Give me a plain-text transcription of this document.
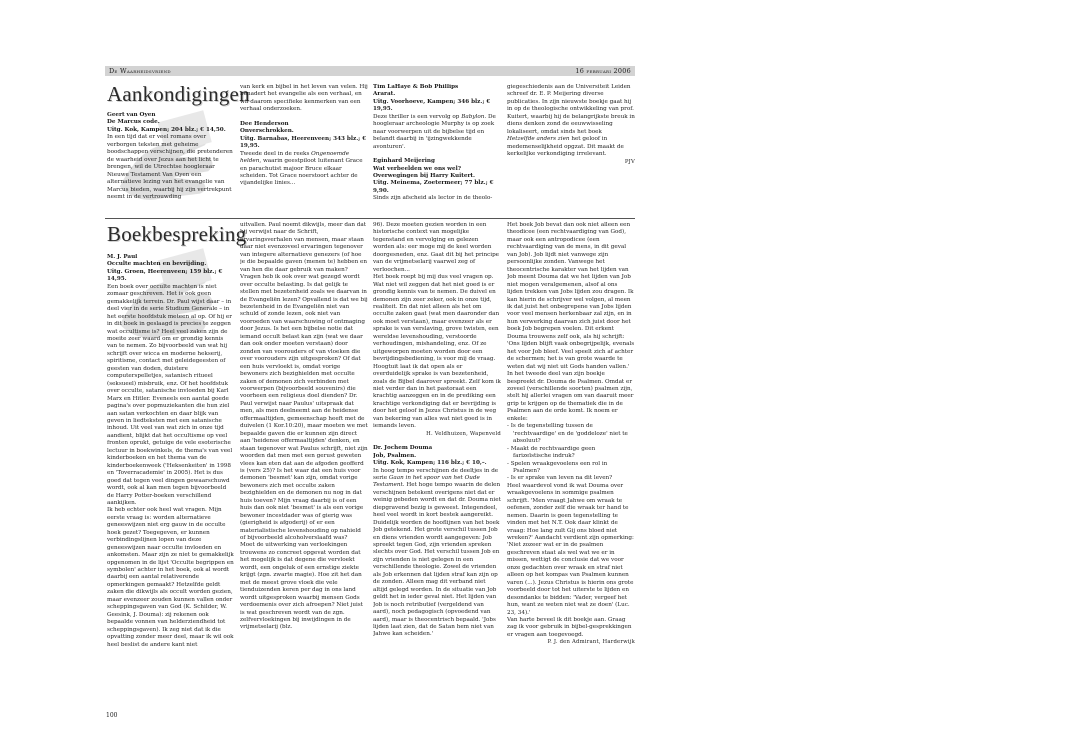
De Waarheidsvriend	16 februari 2006
Aankondigingen

Geert van Oyen

De Marcus code.

Uitg. Kok, Kampen; 204 blz.; € 14,50.

In een tijd dat er veel romans over verborgen teksten met geheime boodschappen verschijnen, die pretenderen de waarheid over Jezus aan het licht te brengen, wil de Utrechtse hoogleraar Nieuwe Testament Van Oyen een alternatieve lezing van het evangelie van Marcus bieden, waarbij hij zijn vertrekpunt neemt in de vertrouwding

van kerk en bijbel in het leven van velen. Hij benadert het evangelie als een verhaal, en wil daarom specifieke kenmerken van een verhaal onderzoeken.

Dee Henderson

Onverschrokken.

Uitg. Barnabas, Heerenveen; 343 blz.; € 19,95.

Tweede deel in de reeks Ongenoemde helden, waarin geestpiloot luitenant Grace en parachutist majoor Bruce elkaar scheiden. Tot Grace noerstoort achter de vijandelijke linies...

Tim LaHaye & Bob Phillips

Ararat.

Uitg. Voorhoeve, Kampen; 346 blz.; € 19,95.

Deze thriller is een vervolg op Babylon. De hoogleraar archeologie Murphy is op zoek naar voorwerpen uit de bijbelse tijd en belandt daarbij in 'ijzingwekkende avonturen'.

Eginhard Meijering

Wat verbeelden we ons wel? Overwegingen bij Harry Kuitert.

Uitg. Meinema, Zoetermeer; 77 blz.; € 9,90.

Sinds zijn afscheid als lector in de theolo-

giegeschiedenis aan de Universiteit Leiden schreef dr. E. P. Meijering diverse publicaties. In zijn nieuwste boekje gaat hij in op de theologische ontwikkeling van prof. Kuitert, waarbij hij de belangrijkste breuk in diens denken zond de eeuwwisseling lokaliseert, omdat sinds het boek

Hetzelfde anders zien het geloof in medemenselijkheid opgzat. Dit maakt de kerkelijke verkondiging irrelevant.

PJV

Boekbespreking

M. J. Paul

Occulte machten en bevrijding.

Uitg. Groen, Heerenveen; 159 blz.; € 14,95.

Een boek over occulte machten is niet zomaar geschreven. Het is ook geen gemakkelijk terrein. Dr. Paul wijst daar – in deel vier in de serie Studium Generale – in het eerste hoofdstuk meteen al op. Of hij er in dit boek in geslaagd is precies te zeggen wat occultisme is? Heel veel zaken zijn de moeite zeer waard om er grondig kennis van te nemen. Zo bijvoorbeeld van wat hij schrijft over wicca en moderne hekserij, spiritisme, contact met geleidegeesten of geesten van doden, duistere computerspelletjes, satanisch ritueel (seksueel) misbruik, enz. Of het hoofdstuk over occulte, satanische invloeden bij Karl Marx en Hitler. Eveneels een aantal goede pagina's over popmuziekanten die hun ziel aan satan verkochten en daar blijk van geven in liedteksten met een satanische inhoud. Uit veel van wat zich in onze tijd aandient, blijkt dat het occultisme op veel fronten oprukt, getuige de vele esoterische lectuur in boekwinkels, de thema's van veel kinderboeken en het thema van de kinderboekenweek ('Heksenkeiten' in 1998 en 'Toverracademie' in 2005). Het is dus goed dat tegen veel dingen gewaarschuwd wordt, ook al kan men tegen bijvoorbeeld de Harry Potter-boeken verschillend aankijken.

Ik heb echter ook heel wat vragen. Mijn eerste vraag is: worden alternatieve geneeswijzen niet erg gauw in de occulte hoek gezet? Toegegeven, er kunnen verbindingslijnen lopen van deze geneeswijzen naar occulte invloeden en ankomsten. Maar zijn ze niet te gemakkelijk opgenomen in de lijst 'Occulte begrippen en symbolen' achter in het boek, ook al wordt daarbij een aantal relativerende opmerkingen gemaakt? Hetzelfde geldt zaken die dikwijls als occult worden gezien, maar evenzeer zouden kunnen vallen onder scheppingsgaven van God (K. Schilder, W. Geesink, J. Douma): zij rekenen ook bepaalde vonnen van helderziendheid tot scheppingsgaven). Ik zeg niet dat ik die opvatting zonder meer deel, maar ik wil ook heel beslist de andere kant niet

uitvallen. Paul noemt dikwijls, meer dan dat hij verwijst naar de Schrift, ervaringsverhalen van mensen, maar staan daar niet evenzoveel ervaringen tegenover van integere alternatieve genezers (of hoe je die bepaalde gaven (menen te) hebben en van hen die daar gebruik van maken?

Vragen heb ik ook over wat gezegd wordt over occulte belasting. Is dat gelijk te stellen met bezetenheid zoals we daarvan in de Evangeliën lezen? Opvallend is dat we bij bezetenheid in de Evangeliën niet van schuld of zonde lezen, ook niet van vooroeden van waarschuwing of ontmaging door Jezus. Is het een bijbelse notie dat iemand occult belast kan zijn (wat we daar dan ook onder moeten verstaan) door zonden van voorouders of van vloeken die over voorouders zijn uitgesproken? Of dat een huis vervloekt is, omdat vorige bewoners zich bezighielden met occulte zaken of demonen zich verbinden met voorwerpen (bijvoorbeeld souvenirs) die voorheen een religieus doel dienden? Dr. Paul verwijst naar Paulus' uitspraak dat men, als men deelneemt aan de heidense offermaaltijden, gemeenschap heeft met de duivelen (1 Kor.10:20), maar moeten we met bepaalde gaven die er kunnen zijn direct aan 'heidense offermaaltijden' denken, en staan tegenover wat Paulus schrijft, niet zijn woorden dat men met een gerust geweten vlees kan eten dat aan de afgoden geofferd is (vers 25)? Is het waar dat een huis voor demonen 'besmet' kan zijn, omdat vorige bewoners zich met occulte zaken bezighielden en de demonen nu nog in dat huis toeven? Mijn vraag daarbij is of een huis dan ook niet 'besmet' is als een vorige bewoner incestdader was of gierig was (gierigheid is afgoderij) of er een materialistische levenshouding op nahield of bijvoorbeeld alcoholverslaafd was?

Moet de uitwerking van verloekingen trouwens zo concreet opgevat worden dat het mogelijk is dat degene die vervloekt wordt, een ongeluk of een ernstige ziekte krijgt (zgn. zwarte magie). Hoe zit het dan met de meest grove vloek die vele tienduizenden keren per dag in ons land wordt uitgesproken waarbij mensen Gods verdoemenis over zich afroepen? Niet juist is wat geschreven wordt van de zgn. zelfvervloekingen bij inwijdingen in de vrijmetselarij (blz.

96). Deze moeten gezien worden in een historische context van mogelijke tegenstand en vervolging en gelezen worden als: eer moge mij de keel worden doorgesneden, enz. Gaat dit bij het principe van de vrijmetselarij vaarwel zeg of verloochen...

Het boek roept bij mij dus veel vragen op. Wat niet wil zeggen dat het niet goed is er grondig kennis van te nemen. De duivel en demonen zijn zeer zeker, ook in onze tijd, realiteit. En dat niet alleen als het om occulte zaken gaat (wat men daaronder dan ook moet verstaan), maar evenzeer als er sprake is van verslaving, grove twisten, een wereldse levenshouding, verstoorde verhoudingen, mishandeling, enz. Of ze uitgeworpen moeten worden door een bevrijdingsbediening, is voor mij de vraag. Hoogtuit laat ik dat open als er overduidelijk sprake is van bezetenheid, zoals de Bijbel daarover spreekt. Zelf kom ik niet verder dan in het pastoraat een krachtig aanzeggen en in de prediking een krachtige verkondiging dat er bevrijding is door het geloof in Jezus Christus in de weg van bekering van alles wat niet goed is in iemands leven.

H. Veldhuizen, Wapenveld

Dr. Jochem Douma

Job, Psalmen.

Uitg. Kok, Kampen; 116 blz.; € 10,–.

In hoog tempo verschijnen de deeltjes in de serie Gaan in het spoor van het Oude Testament. Het hoge tempo waarin de delen verschijnen betekent overigens niet dat er weinig gebeden wordt en dat dr. Douma niet diepgravend bezig is geweest. Integendeel, heel veel wordt in kort bestek aangereikt. Duidelijk worden de hooflijnen van het boek Job getekend. Het grote verschil tussen Job en diens vrienden wordt aangegeven: Job spreekt tegen God, zijn vrienden spreken slechts over God. Het verschil tussen Job en zijn vrienden is niet gelegen in een verschillende theologie. Zowel de vrienden als Job erkennen dat lijden straf kan zijn op de zonden. Alleen mag dit verband niet altijd gelegd worden. In de situatie van Job geldt het in ieder geval niet. Het lijden van Job is noch retributief (vergeldend van aard), noch pedagogisch (opvoedend van aard), maar is theocentrisch bepaald. 'Jobs lijden laat zien, dat de Satan hem niet van Jahwe kan scheiden.'

Het boek Job bevat dan ook niet alleen een theodicee (een rechtvaardiging van God), maar ook een antropodicee (een rechtvaardiging van de mens, in dit geval van Job). Job lijdt niet vanwege zijn persoonlijke zonden. Vanwege het theocentrische karakter van het lijden van Job meent Douma dat we het lijden van Job niet mogen veralgemenen, alsof al ons lijden trekken van Jobs lijden zou dragen. Ik kan hierin de schrijver wel volgen, al meen ik dat juist het onbegrepene van Jobs lijden voor veel mensen herkenbaar zal zijn, en in hun verwerking daarvan zich juist door het boek Job begrepen voelen. Dit erkent Douma trouwens zelf ook, als hij schrijft: 'Ons lijden blijft vaak onbegrijpelijk, evenals het voor Job bleef. Veel speelt zich af achter de schermen; het is van grote waarde te weten dat wij niet uit Gods handen vallen.'

In het tweede deel van zijn boekje bespreekt dr. Douma de Psalmen. Omdat er zoveel (verschillende soorten) psalmen zijn, stelt hij allerlei vragen om van daaruit meer grip te krijgen op de thematiek die in de Psalmen aan de orde komt. Ik noem er enkele:

- Is de tegenstelling tussen de 'rechtvaardige' en de 'goddeloze' niet te absoluut?

- Maakt de rechtvaardige geen farizeïstische indruk?

- Spelen wraakgevoelens een rol in Psalmen?

- Is er sprake van leven na dit leven?

Heel waardevol vond ik wat Douma over wraakgevoelens in sommige psalmen schrijft. 'Men vraagt Jahwe om wraak te oefenen, zonder zelf die wraak ter hand te nemen. Daarin is geen tegenstelling te vinden met het N.T. Ook daar klinkt de vraag: Hoe lang zult Gij ons bloed niet wreken?' Aandacht verdient zijn opmerking: 'Niet zozeer wat er in de psalmen geschreven staat als wel wat we er in missen, wettigt de conclusie dat we voor onze gedachten over wraak en straf niet alleen op het kompas van Psalmen kunnen varen (...). Jezus Christus is hierin ons grote voorbeeld door tot het uiterste te lijden en desondanks te bidden: 'Vader, vergeef het hun, want ze weten niet wat ze doen' (Luc. 23, 34).'

Van harte beveel ik dit boekje aan. Graag zag ik voor gebruik in bijbel-gesprekkingen er vragen aan toegevoegd.

P. J. den Admirant, Harderwijk

100
